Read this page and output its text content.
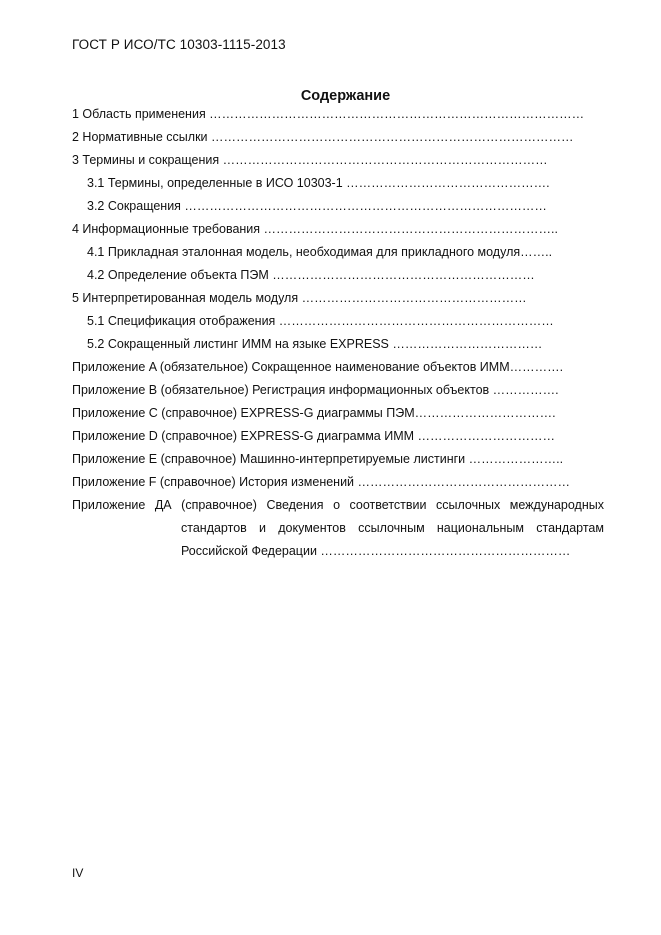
ГОСТ Р ИСО/ТС 10303-1115-2013
Содержание
1 Область применения ………………………………………………………………………………
2 Нормативные ссылки ……………………………………………………………………………
3 Термины и сокращения ……………………………………………………………………
3.1 Термины, определенные в ИСО 10303-1 ………………………………………….
3.2 Сокращения ……………………………………………………………………………
4 Информационные требования ……………………………………………………………..
4.1 Прикладная эталонная модель, необходимая для прикладного модуля……..
4.2 Определение объекта ПЭМ ………………………………………………………
5 Интерпретированная модель модуля ………………………………………………
5.1 Спецификация отображения …………………………………………………………
5.2 Сокращенный листинг ИММ на языке EXPRESS ………………………………
Приложение A (обязательное) Сокращенное наименование объектов ИММ………….
Приложение B (обязательное) Регистрация информационных объектов …………….
Приложение C (справочное) EXPRESS-G диаграммы ПЭМ…………………………….
Приложение D (справочное) EXPRESS-G диаграмма ИММ ……………………………
Приложение E (справочное) Машинно-интерпретируемые листинги …………………..
Приложение F (справочное) История изменений ……………………………………………
Приложение ДА (справочное) Сведения о соответствии ссылочных международных
стандартов и документов ссылочным национальным стандартам
Российской Федерации ……………………………………………………
IV
